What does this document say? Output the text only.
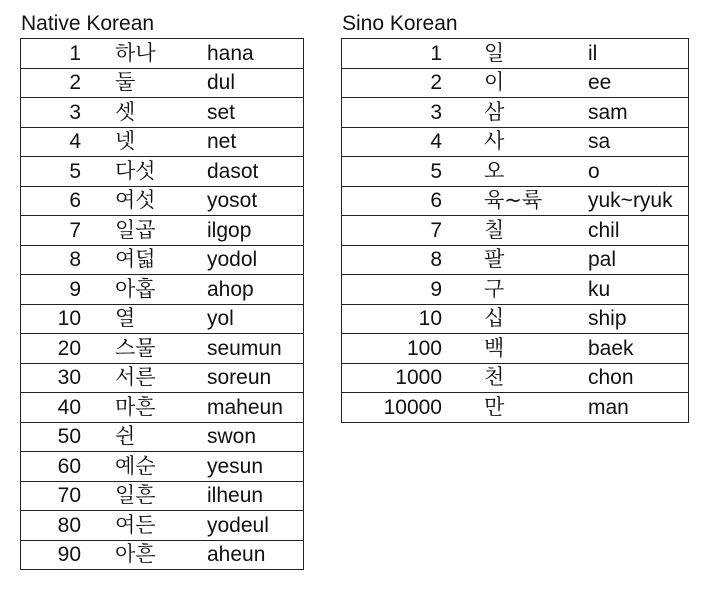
Native Korean
1	하나	hana
2	둘	dul
3	셋	set
4	넷	net
5	다섯	dasot
6	여섯	yosot
7	일곱	ilgop
8	여덟	yodol
9	아홉	ahop
10	열	yol
20	스물	seumun
30	서른	soreun
40	마흔	maheun
50	쉰	swon
60	예순	yesun
70	일흔	ilheun
80	여든	yodeul
90	아흔	aheun
Sino Korean
1	일	il
2	이	ee
3	삼	sam
4	사	sa
5	오	o
6	육~륙	yuk~ryuk
7	칠	chil
8	팔	pal
9	구	ku
10	십	ship
100	백	baek
1000	천	chon
10000	만	man
